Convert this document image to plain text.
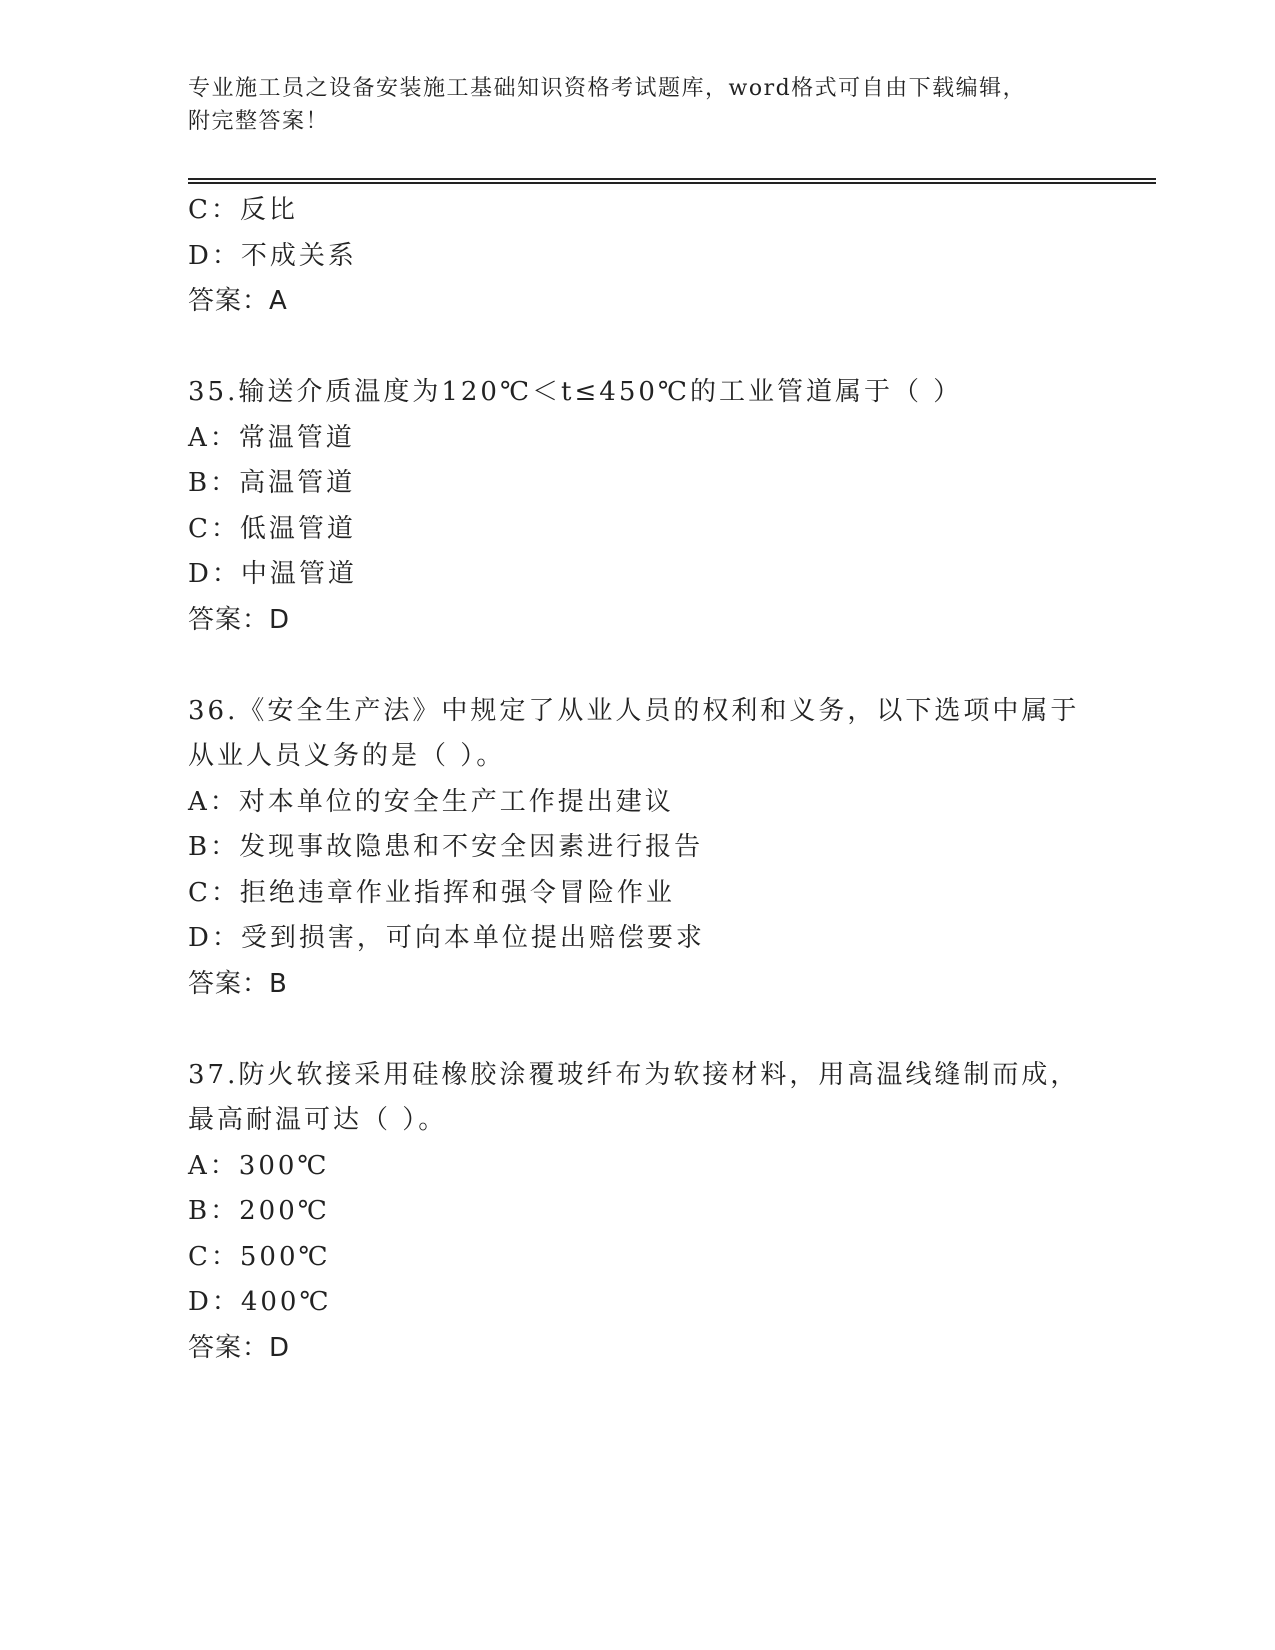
专业施工员之设备安装施工基础知识资格考试题库，word格式可自由下载编辑，
附完整答案！
C：反比
D：不成关系
答案：A
35.输送介质温度为120℃＜t≤450℃的工业管道属于（ ）
A：常温管道
B：高温管道
C：低温管道
D：中温管道
答案：D
36.《安全生产法》中规定了从业人员的权利和义务，以下选项中属于
从业人员义务的是（ ）。
A：对本单位的安全生产工作提出建议
B：发现事故隐患和不安全因素进行报告
C：拒绝违章作业指挥和强令冒险作业
D：受到损害，可向本单位提出赔偿要求
答案：B
37.防火软接采用硅橡胶涂覆玻纤布为软接材料，用高温线缝制而成，
最高耐温可达（ ）。
A：300℃
B：200℃
C：500℃
D：400℃
答案：D
